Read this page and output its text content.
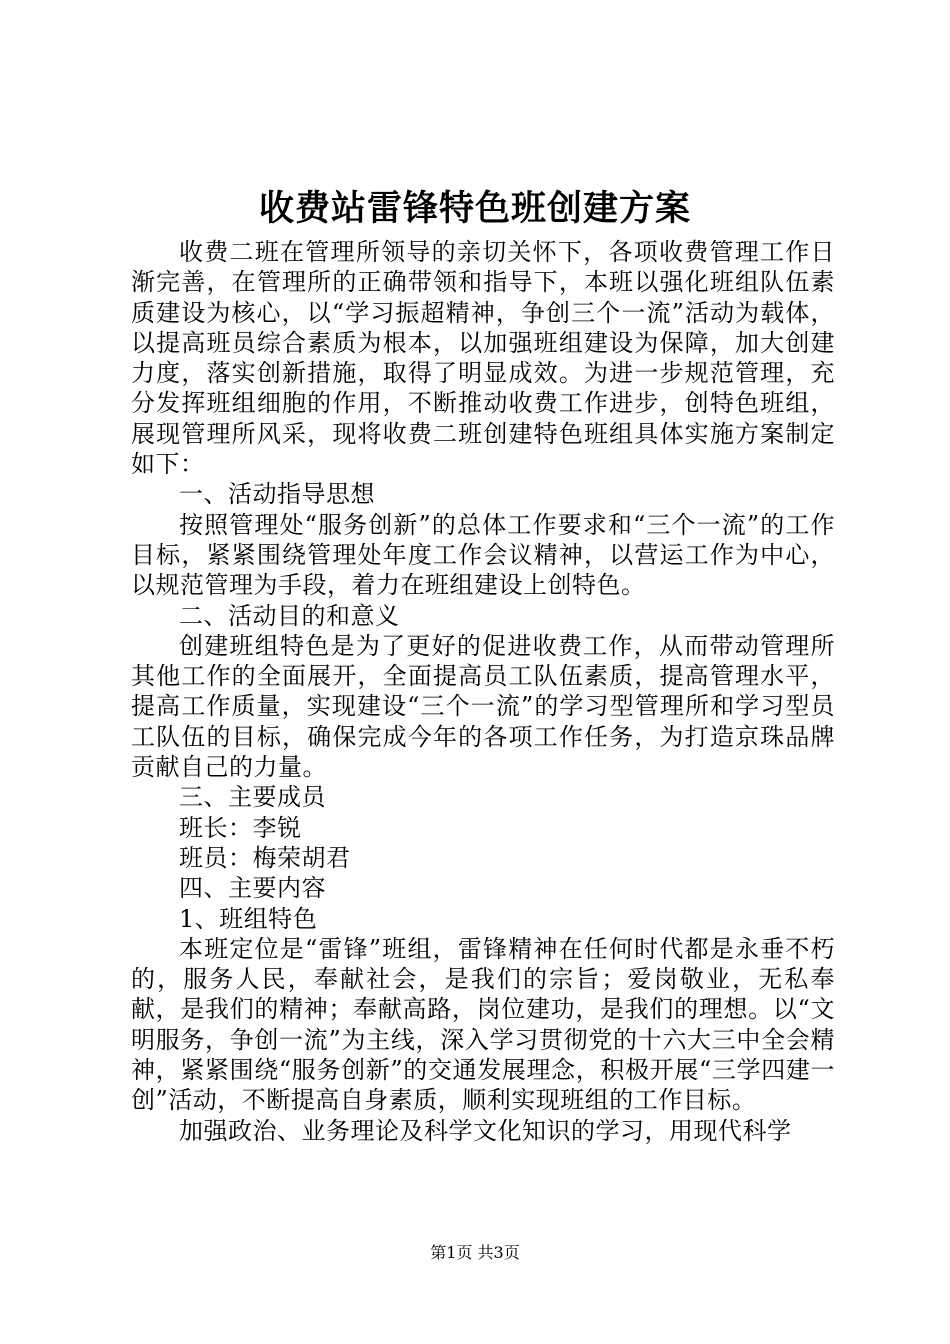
收费站雷锋特色班创建方案

收费二班在管理所领导的亲切关怀下，各项收费管理工作日渐完善，在管理所的正确带领和指导下，本班以强化班组队伍素质建设为核心，以“学习振超精神，争创三个一流”活动为载体，以提高班员综合素质为根本，以加强班组建设为保障，加大创建力度，落实创新措施，取得了明显成效。为进一步规范管理，充分发挥班组细胞的作用，不断推动收费工作进步，创特色班组，展现管理所风采，现将收费二班创建特色班组具体实施方案制定如下：

一、活动指导思想

按照管理处“服务创新”的总体工作要求和“三个一流”的工作目标，紧紧围绕管理处年度工作会议精神，以营运工作为中心，以规范管理为手段，着力在班组建设上创特色。

二、活动目的和意义

创建班组特色是为了更好的促进收费工作，从而带动管理所其他工作的全面展开，全面提高员工队伍素质，提高管理水平，提高工作质量，实现建设“三个一流”的学习型管理所和学习型员工队伍的目标，确保完成今年的各项工作任务，为打造京珠品牌贡献自己的力量。

三、主要成员

班长：李锐

班员：梅荣胡君

四、主要内容

1、班组特色

本班定位是“雷锋”班组，雷锋精神在任何时代都是永垂不朽的，服务人民，奉献社会，是我们的宗旨；爱岗敬业，无私奉献，是我们的精神；奉献高路，岗位建功，是我们的理想。以“文明服务，争创一流”为主线，深入学习贯彻党的十六大三中全会精神，紧紧围绕“服务创新”的交通发展理念，积极开展“三学四建一创”活动，不断提高自身素质，顺利实现班组的工作目标。

加强政治、业务理论及科学文化知识的学习，用现代科学

第1页 共3页
